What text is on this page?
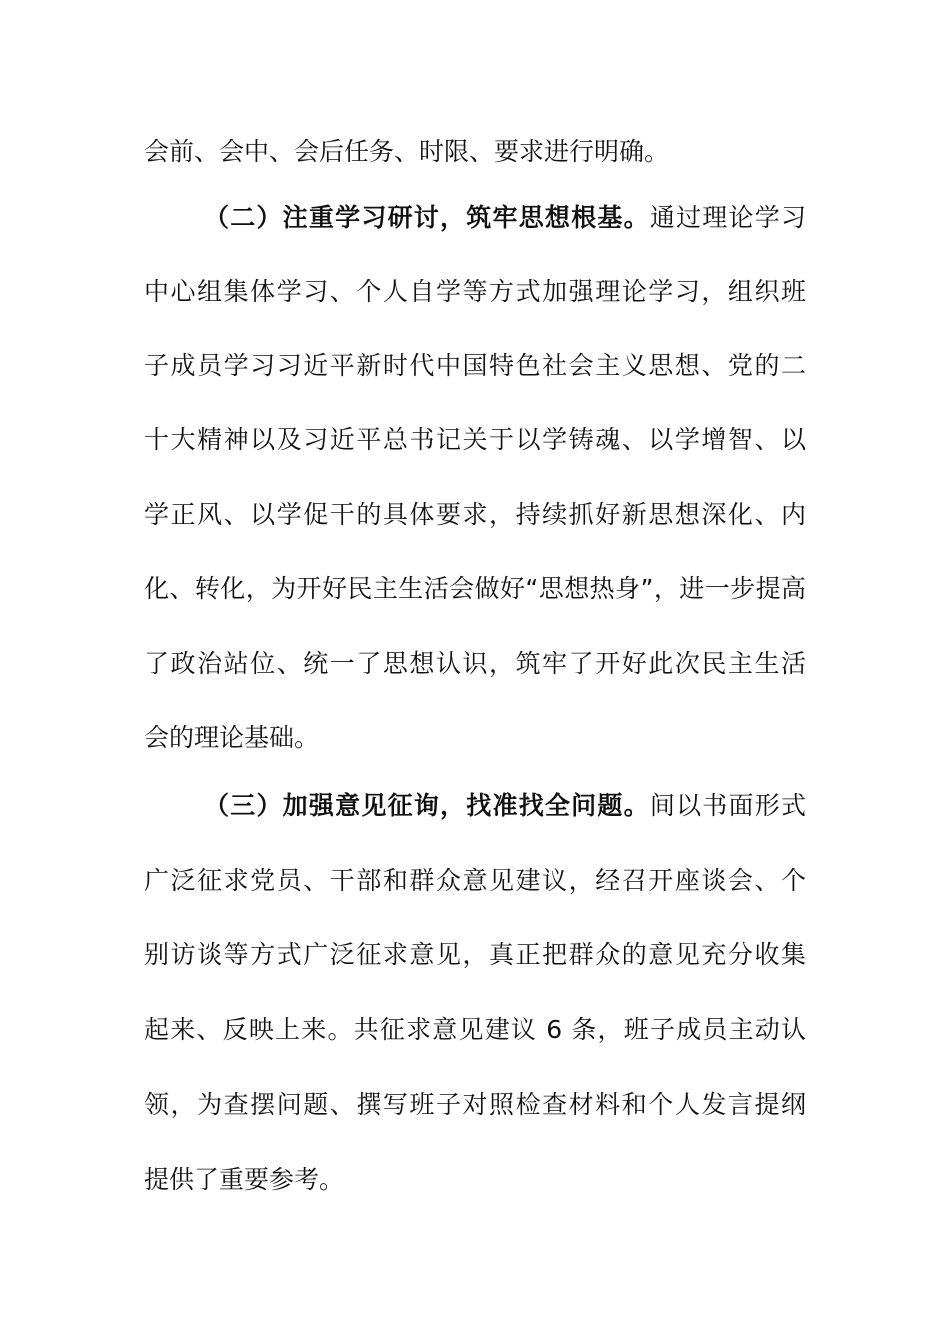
会前、会中、会后任务、时限、要求进行明确。
（二）注重学习研讨，筑牢思想根基。通过理论学习
中心组集体学习、个人自学等方式加强理论学习，组织班
子成员学习习近平新时代中国特色社会主义思想、党的二
十大精神以及习近平总书记关于以学铸魂、以学增智、以
学正风、以学促干的具体要求，持续抓好新思想深化、内
化、转化，为开好民主生活会做好“思想热身”，进一步提高
了政治站位、统一了思想认识，筑牢了开好此次民主生活
会的理论基础。
（三）加强意见征询，找准找全问题。间以书面形式
广泛征求党员、干部和群众意见建议，经召开座谈会、个
别访谈等方式广泛征求意见，真正把群众的意见充分收集
起来、反映上来。共征求意见建议 6 条，班子成员主动认
领，为查摆问题、撰写班子对照检查材料和个人发言提纲
提供了重要参考。
